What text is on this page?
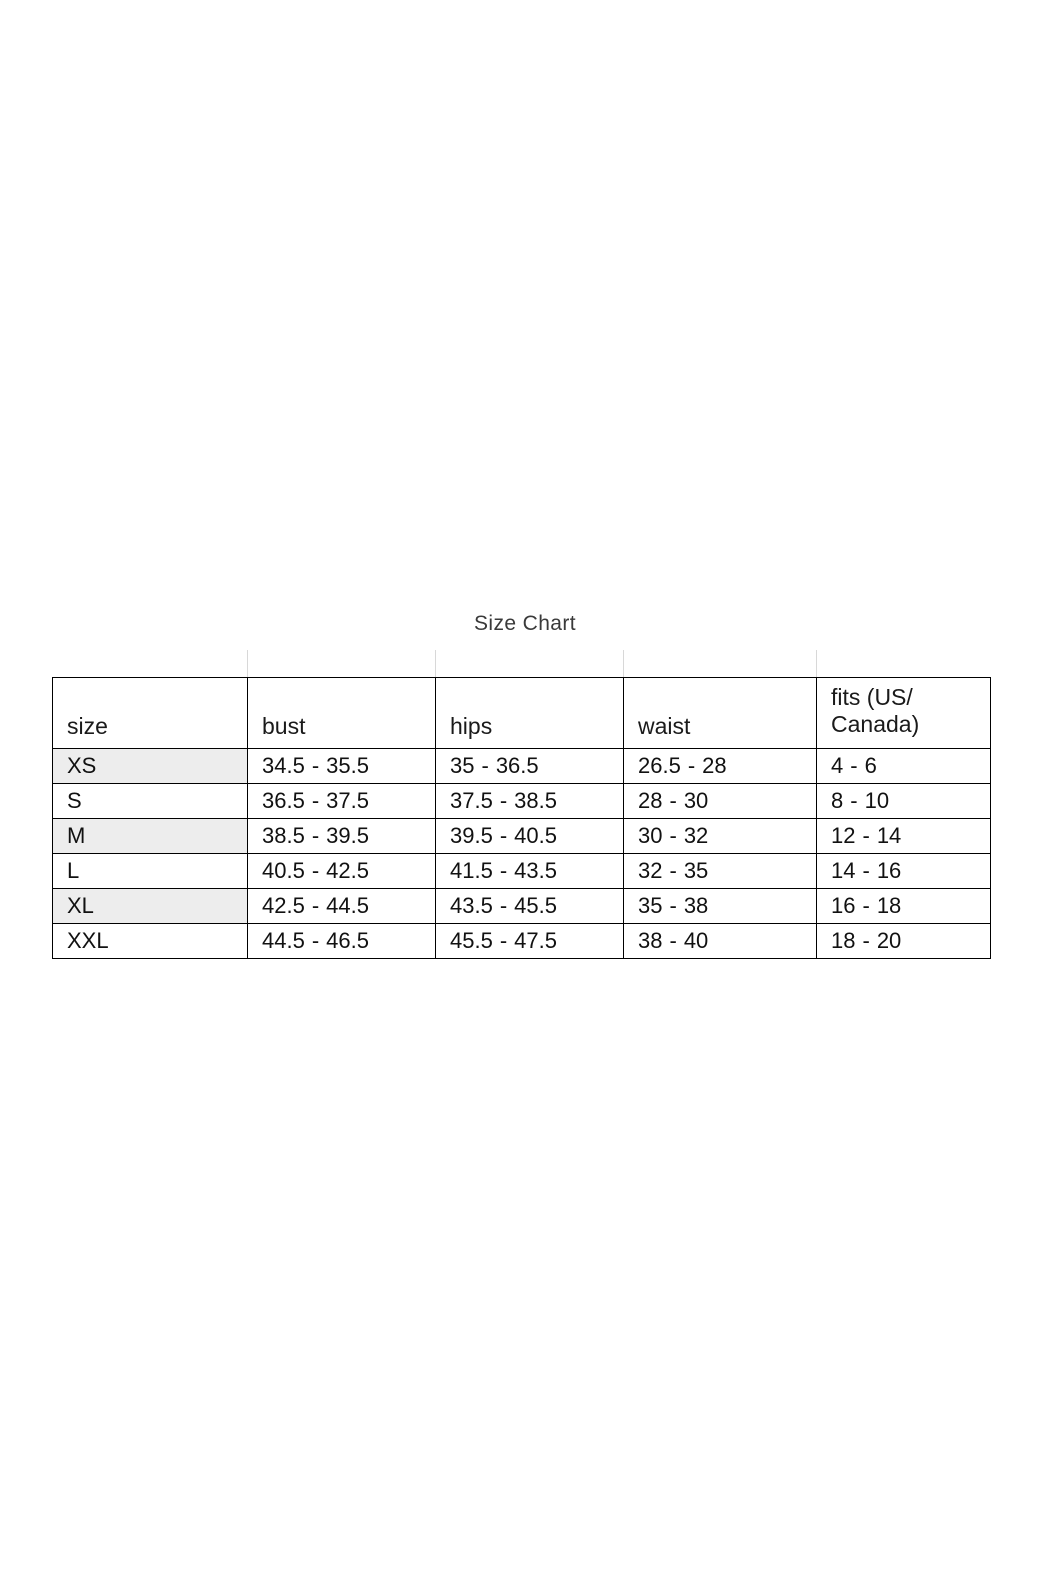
Size Chart

size	bust	hips	waist	fits (US/ Canada)
XS	34.5 - 35.5	35 - 36.5	26.5 - 28	4 - 6
S	36.5 - 37.5	37.5 - 38.5	28 - 30	8 - 10
M	38.5 - 39.5	39.5 - 40.5	30 - 32	12 - 14
L	40.5 - 42.5	41.5 - 43.5	32 - 35	14 - 16
XL	42.5 - 44.5	43.5 - 45.5	35 - 38	16 - 18
XXL	44.5 - 46.5	45.5 - 47.5	38 - 40	18 - 20
